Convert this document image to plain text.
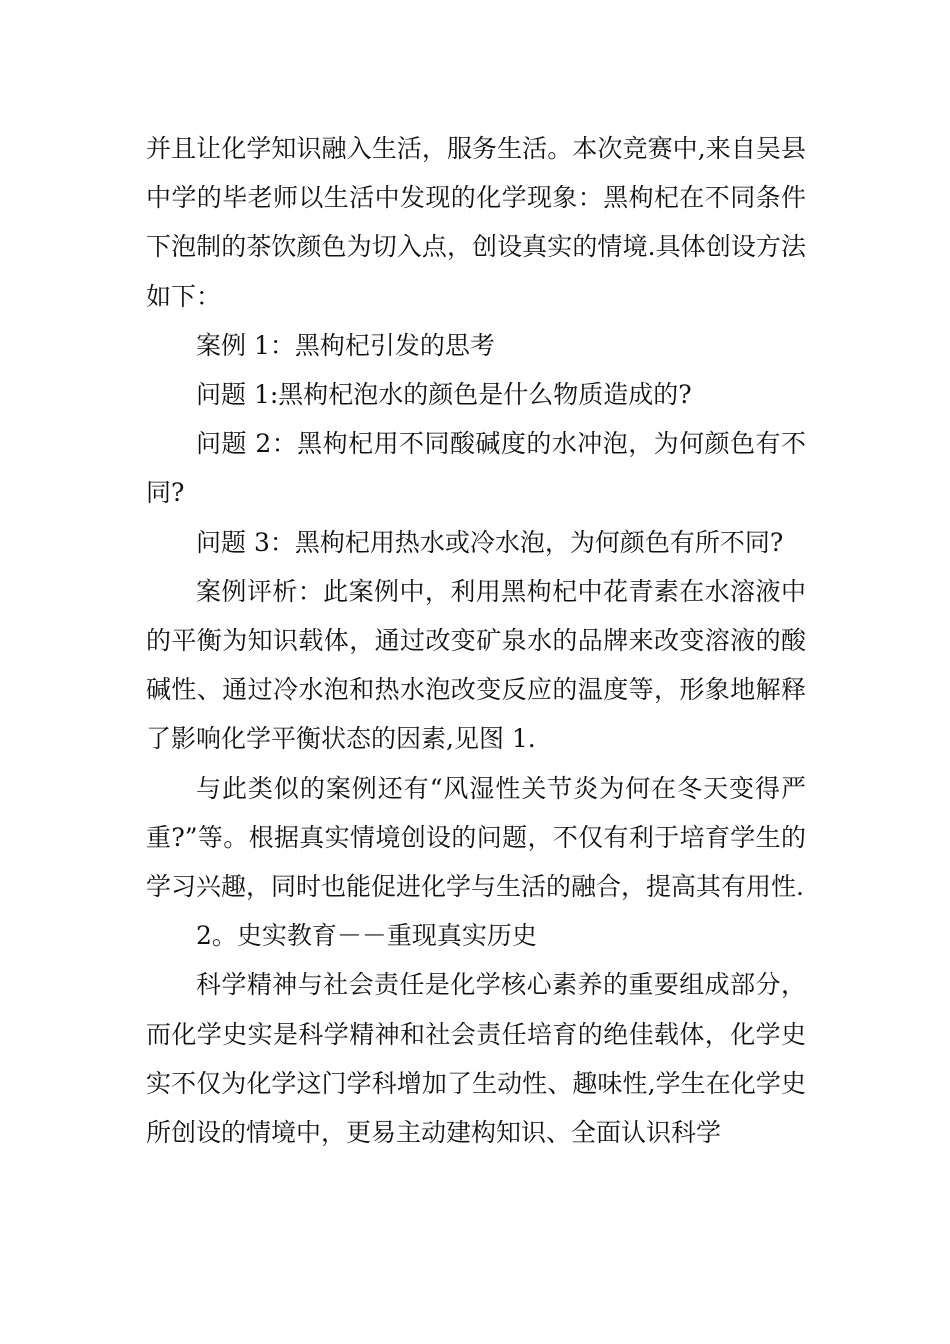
并且让化学知识融入生活，服务生活。本次竞赛中,来自吴县中学的毕老师以生活中发现的化学现象：黑枸杞在不同条件下泡制的茶饮颜色为切入点，创设真实的情境.具体创设方法如下：

案例 1：黑枸杞引发的思考

问题 1:黑枸杞泡水的颜色是什么物质造成的?

问题 2：黑枸杞用不同酸碱度的水冲泡，为何颜色有不同?

问题 3：黑枸杞用热水或冷水泡，为何颜色有所不同?

案例评析：此案例中，利用黑枸杞中花青素在水溶液中的平衡为知识载体，通过改变矿泉水的品牌来改变溶液的酸碱性、通过冷水泡和热水泡改变反应的温度等，形象地解释了影响化学平衡状态的因素,见图 1.

与此类似的案例还有“风湿性关节炎为何在冬天变得严重?”等。根据真实情境创设的问题，不仅有利于培育学生的学习兴趣，同时也能促进化学与生活的融合，提高其有用性.

2。史实教育－－重现真实历史

科学精神与社会责任是化学核心素养的重要组成部分，而化学史实是科学精神和社会责任培育的绝佳载体，化学史实不仅为化学这门学科增加了生动性、趣味性,学生在化学史所创设的情境中，更易主动建构知识、全面认识科学
